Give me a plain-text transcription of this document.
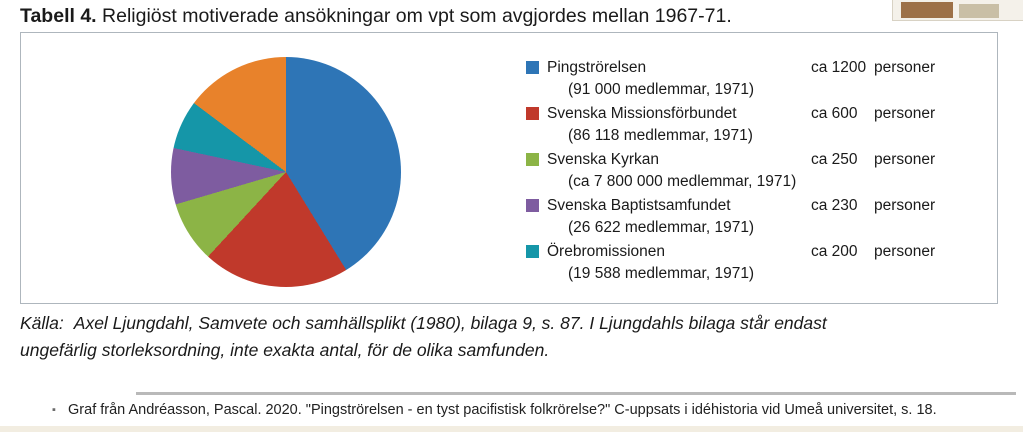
Tabell 4. Religiöst motiverade ansökningar om vpt som avgjordes mellan 1967-71.
Pingströrelsen	ca 1200 personer
(91 000 medlemmar, 1971)
Svenska Missionsförbundet	ca 600 personer
(86 118 medlemmar, 1971)
Svenska Kyrkan	ca 250 personer
(ca 7 800 000 medlemmar, 1971)
Svenska Baptistsamfundet	ca 230 personer
(26 622 medlemmar, 1971)
Örebromissionen	ca 200 personer
(19 588 medlemmar, 1971)
Källa: Axel Ljungdahl, Samvete och samhällsplikt (1980), bilaga 9, s. 87. I Ljungdahls bilaga står endast
ungefärlig storleksordning, inte exakta antal, för de olika samfunden.
▪ Graf från Andréasson, Pascal. 2020. "Pingströrelsen - en tyst pacifistisk folkrörelse?" C-uppsats i idéhistoria vid Umeå universitet, s. 18.
